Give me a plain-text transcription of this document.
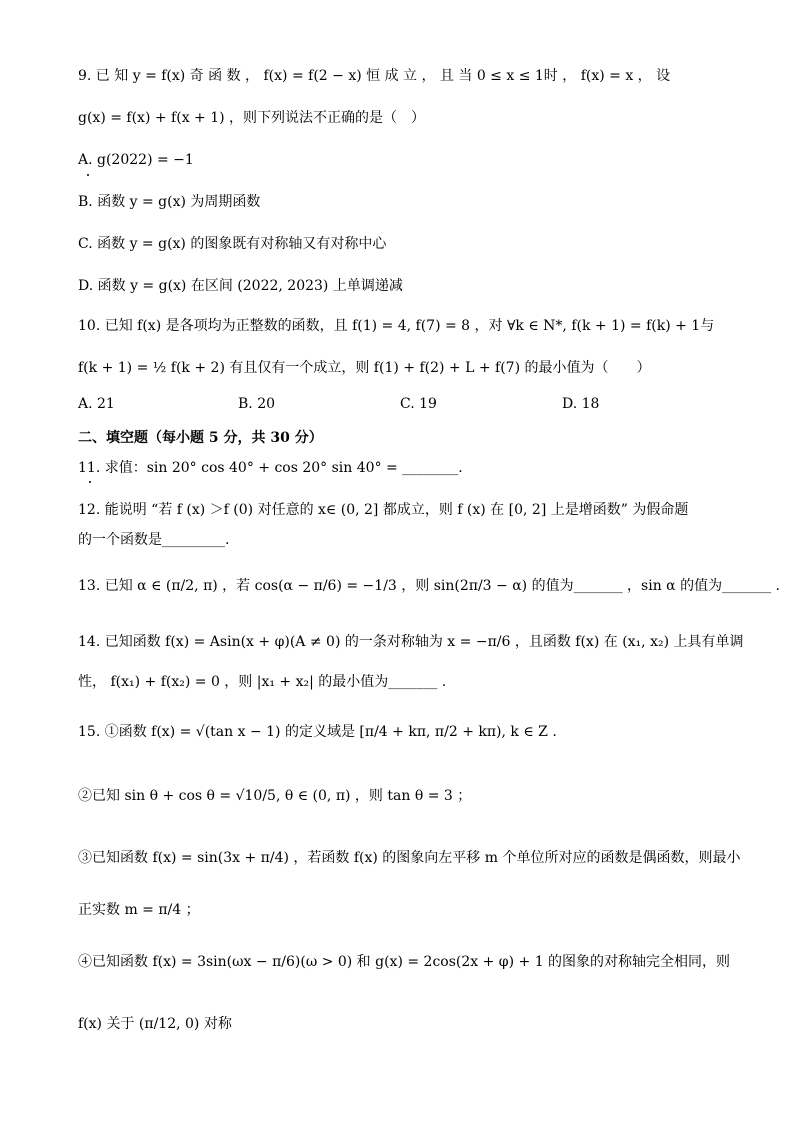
9. 已 知 y = f(x) 奇 函 数 ， f(x) = f(2 − x) 恒 成 立 ， 且 当 0 ≤ x ≤ 1时 ， f(x) = x ， 设
g(x) = f(x) + f(x + 1) ，则下列说法不正确的是（　）
A. g(2022) = −1
B. 函数 y = g(x) 为周期函数
C. 函数 y = g(x) 的图象既有对称轴又有对称中心
D. 函数 y = g(x) 在区间 (2022, 2023) 上单调递减
10. 已知 f(x) 是各项均为正整数的函数，且 f(1) = 4, f(7) = 8 ，对 ∀k ∈ N*, f(k + 1) = f(k) + 1与
f(k + 1) = ½ f(k + 2) 有且仅有一个成立，则 f(1) + f(2) + L + f(7) 的最小值为（　　）
A. 21	B. 20	C. 19	D. 18
二、填空题（每小题 5 分，共 30 分）
11. 求值：sin 20° cos 40° + cos 20° sin 40° = ________.
12. 能说明 “若 f (x) ＞f (0) 对任意的 x∈ (0, 2] 都成立，则 f (x) 在 [0, 2] 上是增函数” 为假命题
的一个函数是_________.
13. 已知 α ∈ (π/2, π) ，若 cos(α − π/6) = −1/3 ，则 sin(2π/3 − α) 的值为_______ ，sin α 的值为_______ .
14. 已知函数 f(x) = Asin(x + φ)(A ≠ 0) 的一条对称轴为 x = −π/6 ，且函数 f(x) 在 (x₁, x₂) 上具有单调
性， f(x₁) + f(x₂) = 0 ，则 |x₁ + x₂| 的最小值为_______ .
15. ①函数 f(x) = √(tan x − 1) 的定义域是 [π/4 + kπ, π/2 + kπ), k ∈ Z .
②已知 sin θ + cos θ = √10/5, θ ∈ (0, π) ，则 tan θ = 3 ；
③已知函数 f(x) = sin(3x + π/4) ，若函数 f(x) 的图象向左平移 m 个单位所对应的函数是偶函数，则最小
正实数 m = π/4 ；
④已知函数 f(x) = 3sin(ωx − π/6)(ω > 0) 和 g(x) = 2cos(2x + φ) + 1 的图象的对称轴完全相同，则
f(x) 关于 (π/12, 0) 对称
